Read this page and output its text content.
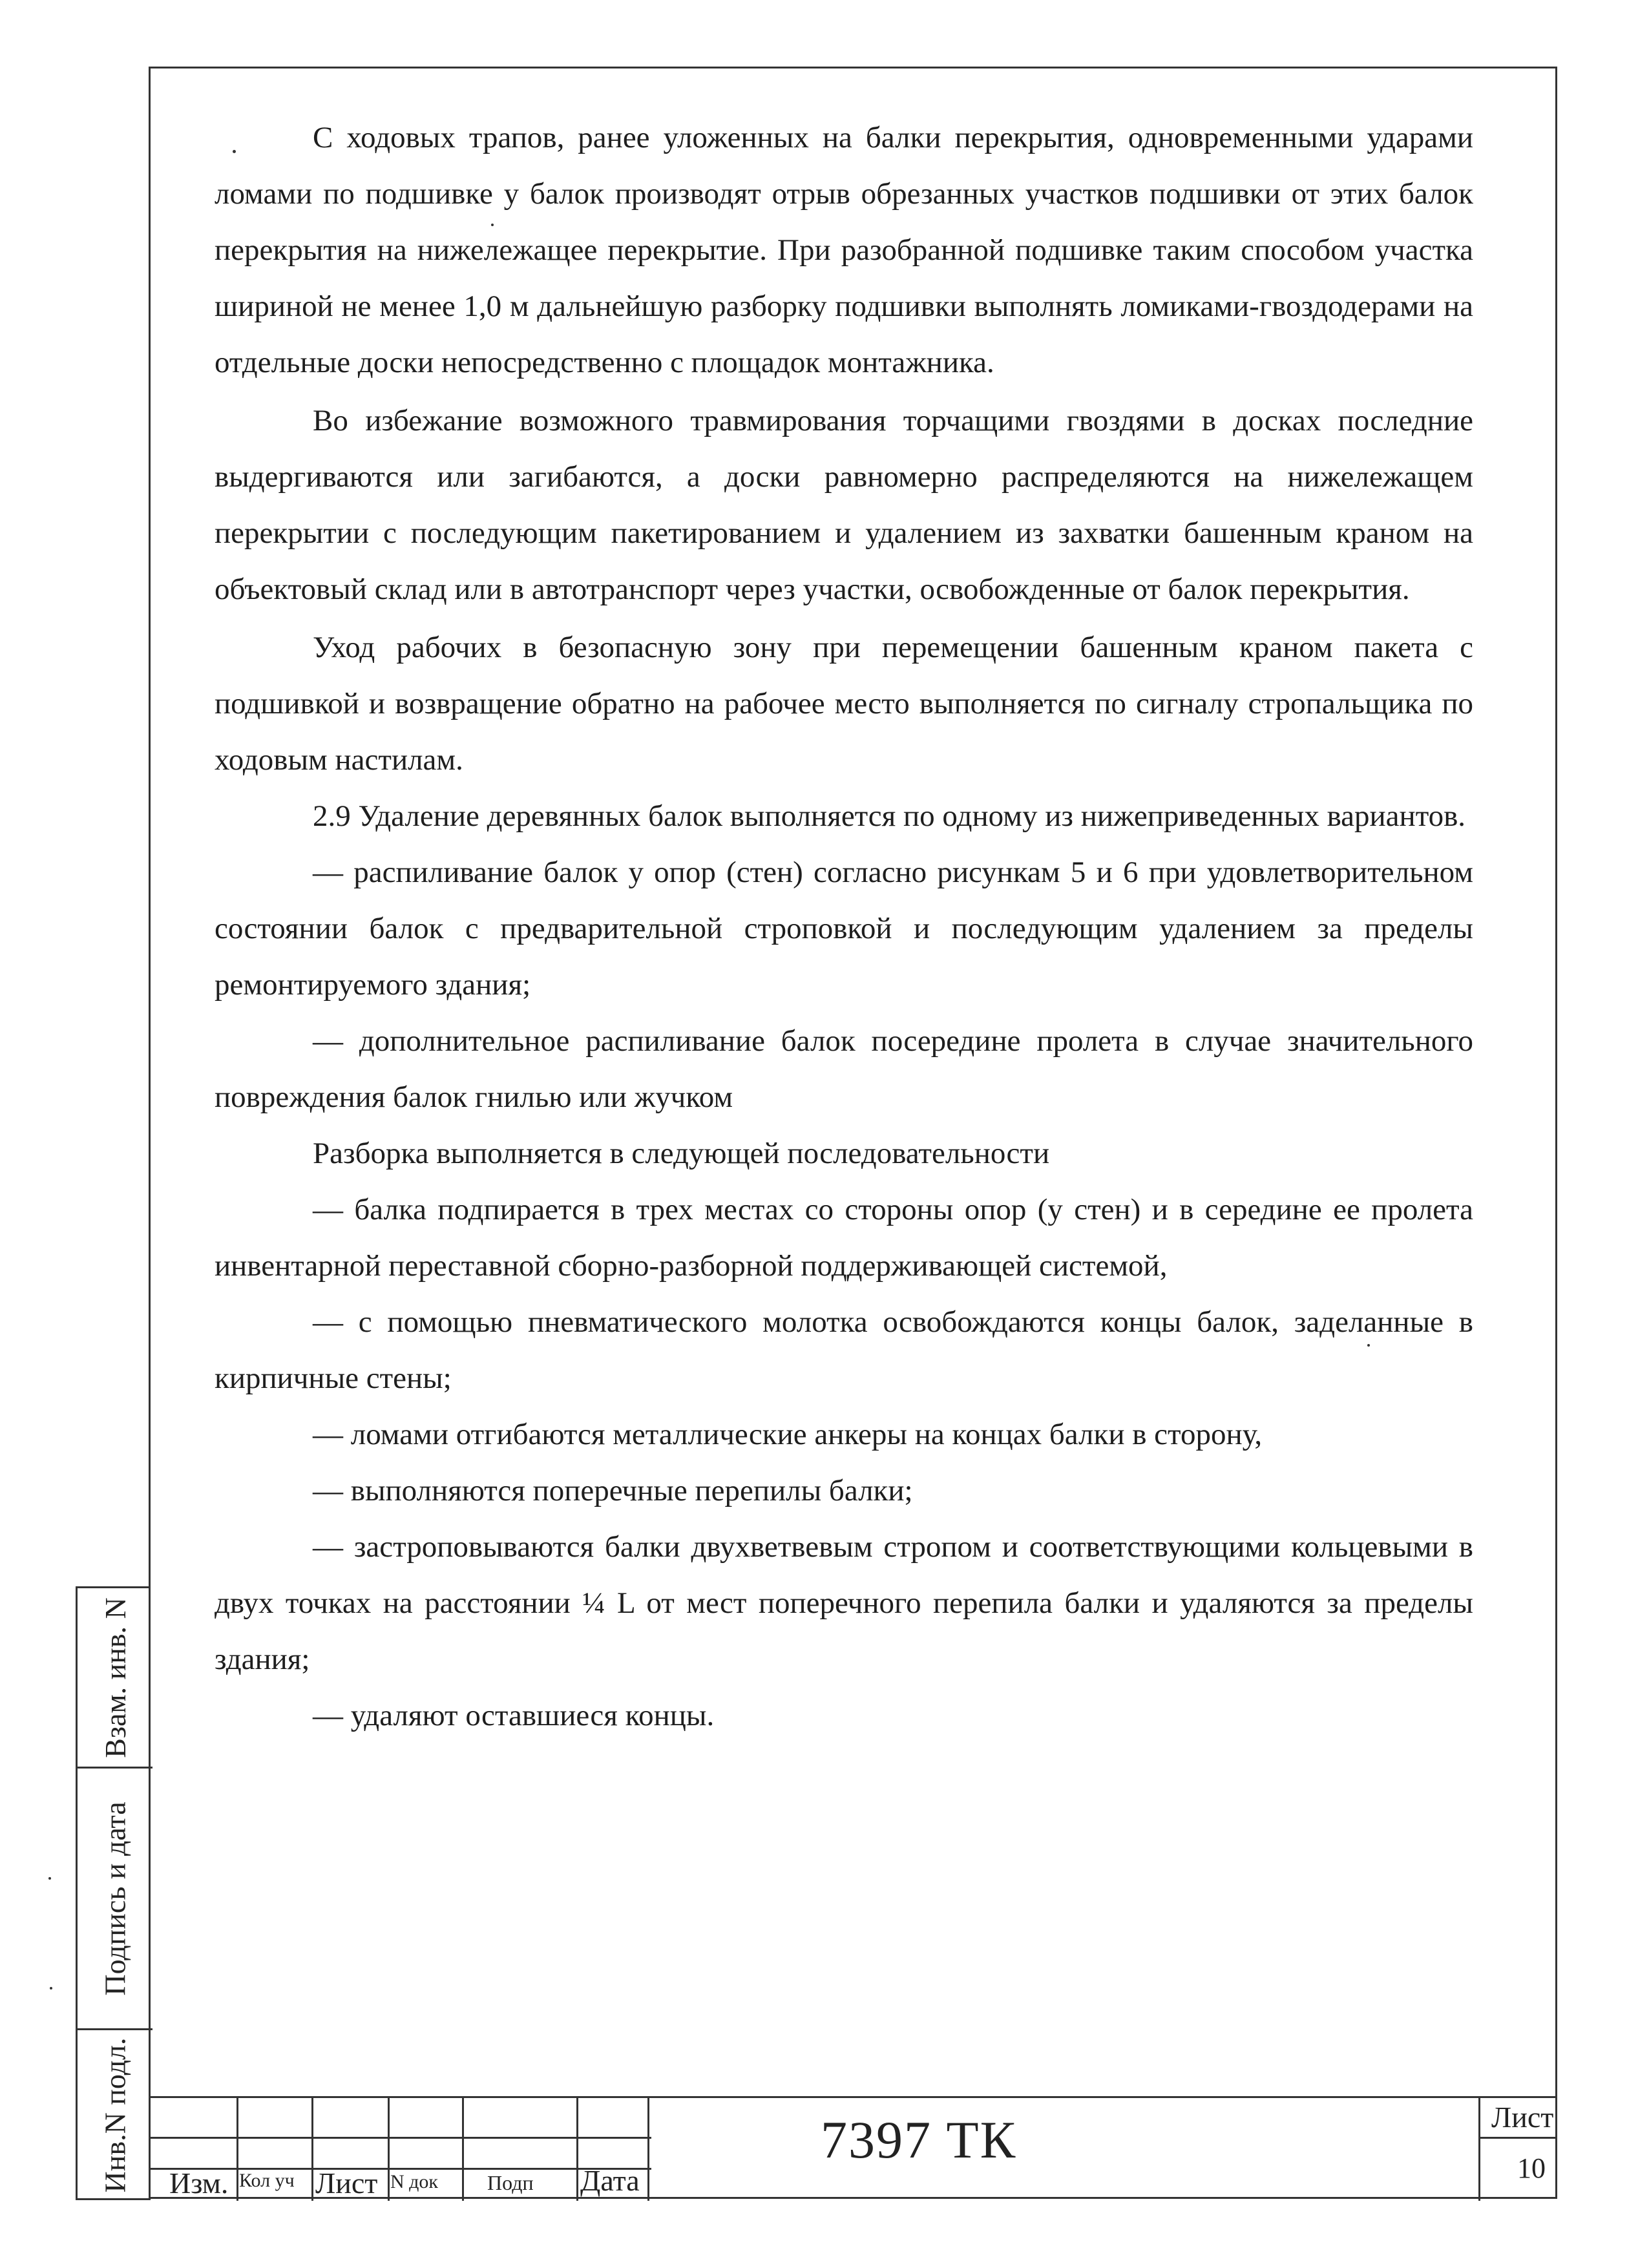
С ходовых трапов, ранее уложенных на балки перекрытия, одновременными ударами ломами по подшивке у балок производят отрыв обрезанных участков подшивки от этих балок перекрытия на нижележащее перекрытие. При разобранной подшивке таким способом участка шириной не менее 1,0 м дальнейшую разборку подшивки выполнять ломиками-гвоздодерами на отдельные доски непосредственно с площадок монтажника.

Во избежание возможного травмирования торчащими гвоздями в досках последние выдергиваются или загибаются, а доски равномерно распределяются на нижележащем перекрытии с последующим пакетированием и удалением из захватки башенным краном на объектовый склад или в автотранспорт через участки, освобожденные от балок перекрытия.

Уход рабочих в безопасную зону при перемещении башенным краном пакета с подшивкой и возвращение обратно на рабочее место выполняется по сигналу стропальщика по ходовым настилам.

2.9 Удаление деревянных балок выполняется по одному из нижеприведенных вариантов.

— распиливание балок у опор (стен) согласно рисункам 5 и 6 при удовлетворительном состоянии балок с предварительной строповкой и последующим удалением за пределы ремонтируемого здания;

— дополнительное распиливание балок посередине пролета в случае значительного повреждения балок гнилью или жучком

Разборка выполняется в следующей последовательности

— балка подпирается в трех местах со стороны опор (у стен) и в середине ее пролета инвентарной переставной сборно-разборной поддерживающей системой,

— с помощью пневматического молотка освобождаются концы балок, заделанные в кирпичные стены;

— ломами отгибаются металлические анкеры на концах балки в сторону,

— выполняются поперечные перепилы балки;

— застроповываются балки двухветвевым стропом и соответствующими кольцевыми в двух точках на расстоянии ¼ L от мест поперечного перепила балки и удаляются за пределы здания;

— удаляют оставшиеся концы.

Взам. инв. N
Подпись и дата
Инв.N подл. Изм. Кол уч Лист N док Подп Дата
7397 ТК	Лист
10
